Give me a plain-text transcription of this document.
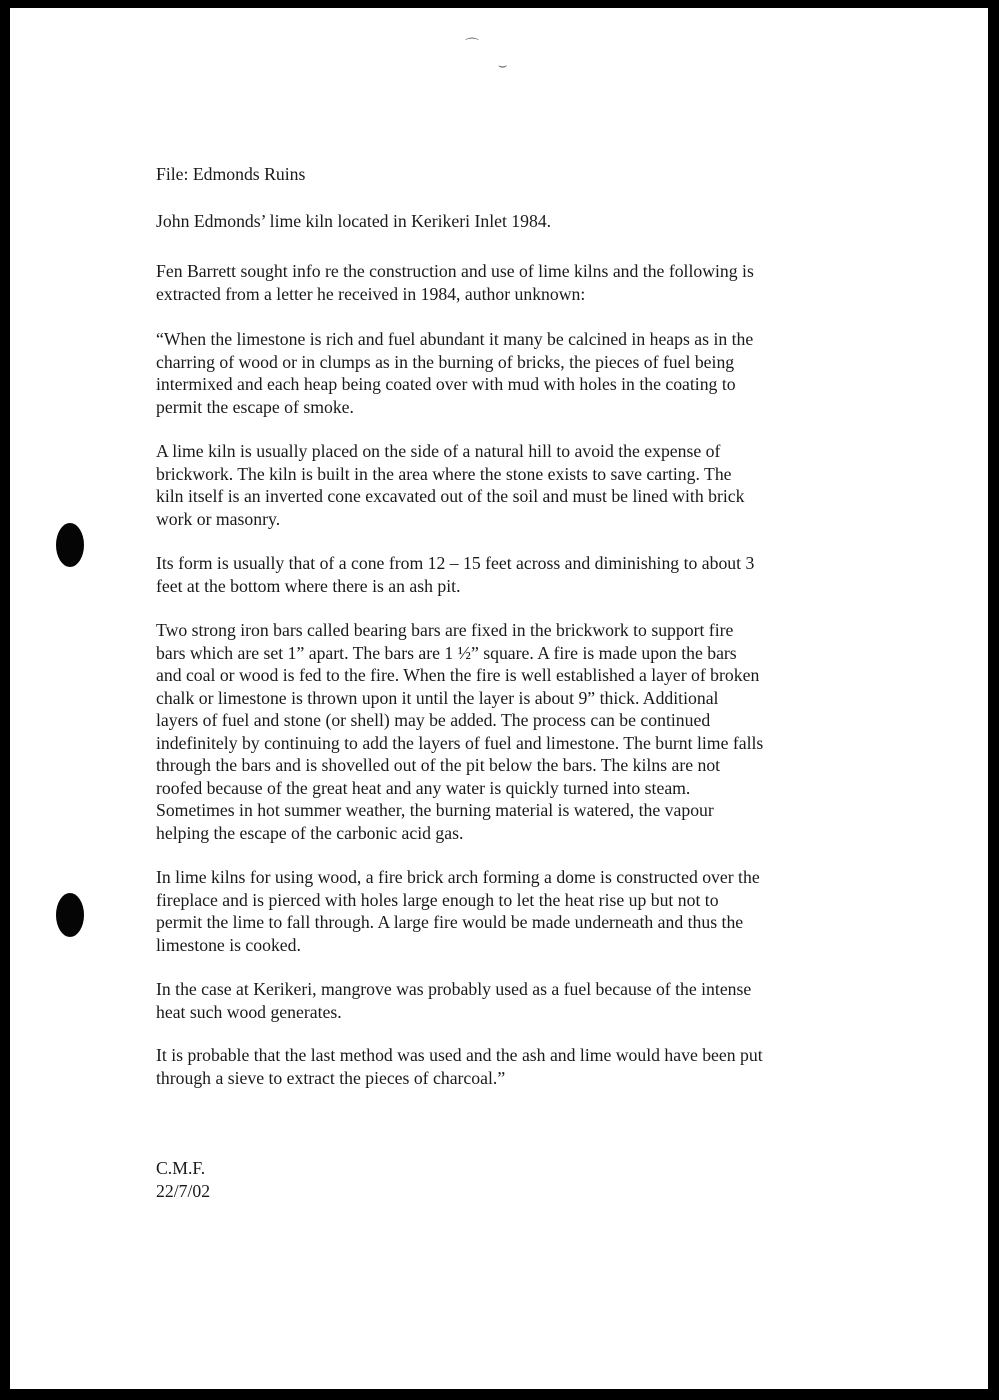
⌒
⌣

File: Edmonds Ruins

John Edmonds’ lime kiln located in Kerikeri Inlet 1984.

Fen Barrett sought info re the construction and use of lime kilns and the following is
extracted from a letter he received in 1984, author unknown:

“When the limestone is rich and fuel abundant it many be calcined in heaps as in the
charring of wood or in clumps as in the burning of bricks, the pieces of fuel being
intermixed and each heap being coated over with mud with holes in the coating to
permit the escape of smoke.

A lime kiln is usually placed on the side of a natural hill to avoid the expense of
brickwork. The kiln is built in the area where the stone exists to save carting. The
kiln itself is an inverted cone excavated out of the soil and must be lined with brick
work or masonry.

Its form is usually that of a cone from 12 – 15 feet across and diminishing to about 3
feet at the bottom where there is an ash pit.

Two strong iron bars called bearing bars are fixed in the brickwork to support fire
bars which are set 1” apart. The bars are 1 ½” square. A fire is made upon the bars
and coal or wood is fed to the fire. When the fire is well established a layer of broken
chalk or limestone is thrown upon it until the layer is about 9” thick. Additional
layers of fuel and stone (or shell) may be added. The process can be continued
indefinitely by continuing to add the layers of fuel and limestone. The burnt lime falls
through the bars and is shovelled out of the pit below the bars. The kilns are not
roofed because of the great heat and any water is quickly turned into steam.
Sometimes in hot summer weather, the burning material is watered, the vapour
helping the escape of the carbonic acid gas.

In lime kilns for using wood, a fire brick arch forming a dome is constructed over the
fireplace and is pierced with holes large enough to let the heat rise up but not to
permit the lime to fall through. A large fire would be made underneath and thus the
limestone is cooked.

In the case at Kerikeri, mangrove was probably used as a fuel because of the intense
heat such wood generates.

It is probable that the last method was used and the ash and lime would have been put
through a sieve to extract the pieces of charcoal.”

C.M.F.
22/7/02
